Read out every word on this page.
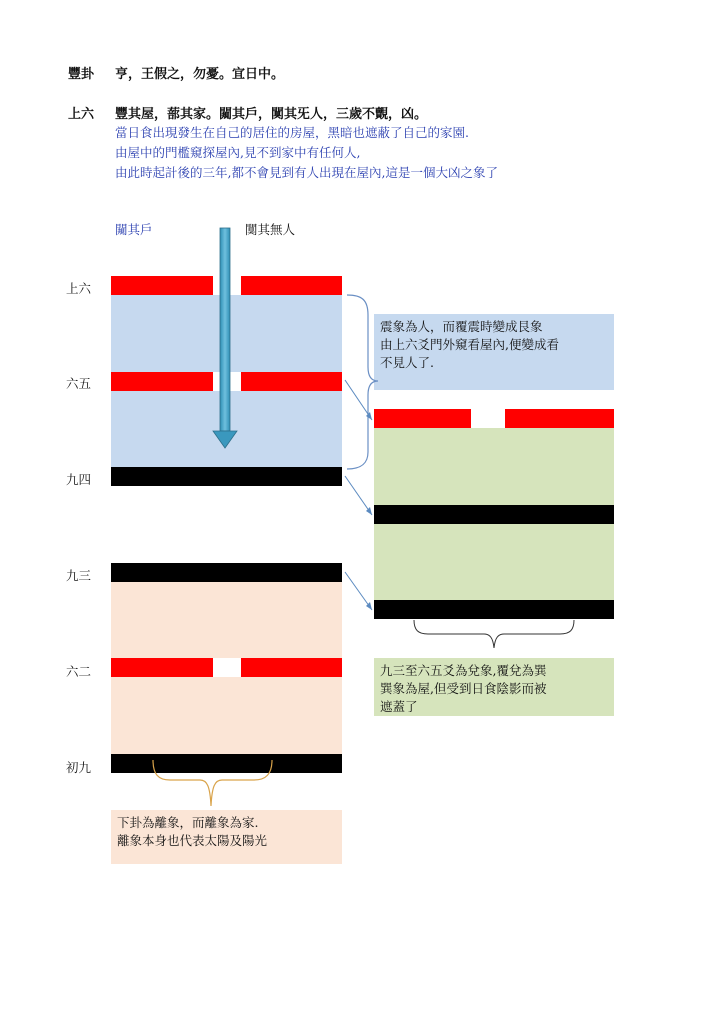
豐卦 亨，王假之，勿憂。宜日中。
上六 豐其屋，蔀其家。闚其戶，闃其旡人，三歲不覿，凶。
當日食出現發生在自己的居住的房屋，黑暗也遮蔽了自己的家園.
由屋中的門檻窺探屋內,見不到家中有任何人,
由此時起計後的三年,都不會見到有人出現在屋內,這是一個大凶之象了
闚其戶	闃其無人
上六
六五
九四
九三
六二
初九
震象為人，而覆震時變成艮象
由上六爻門外窺看屋內,便變成看
不見人了.
九三至六五爻為兌象,覆兌為巽
巽象為屋,但受到日食陰影而被
遮蓋了
下卦為離象，而離象為家.
離象本身也代表太陽及陽光
